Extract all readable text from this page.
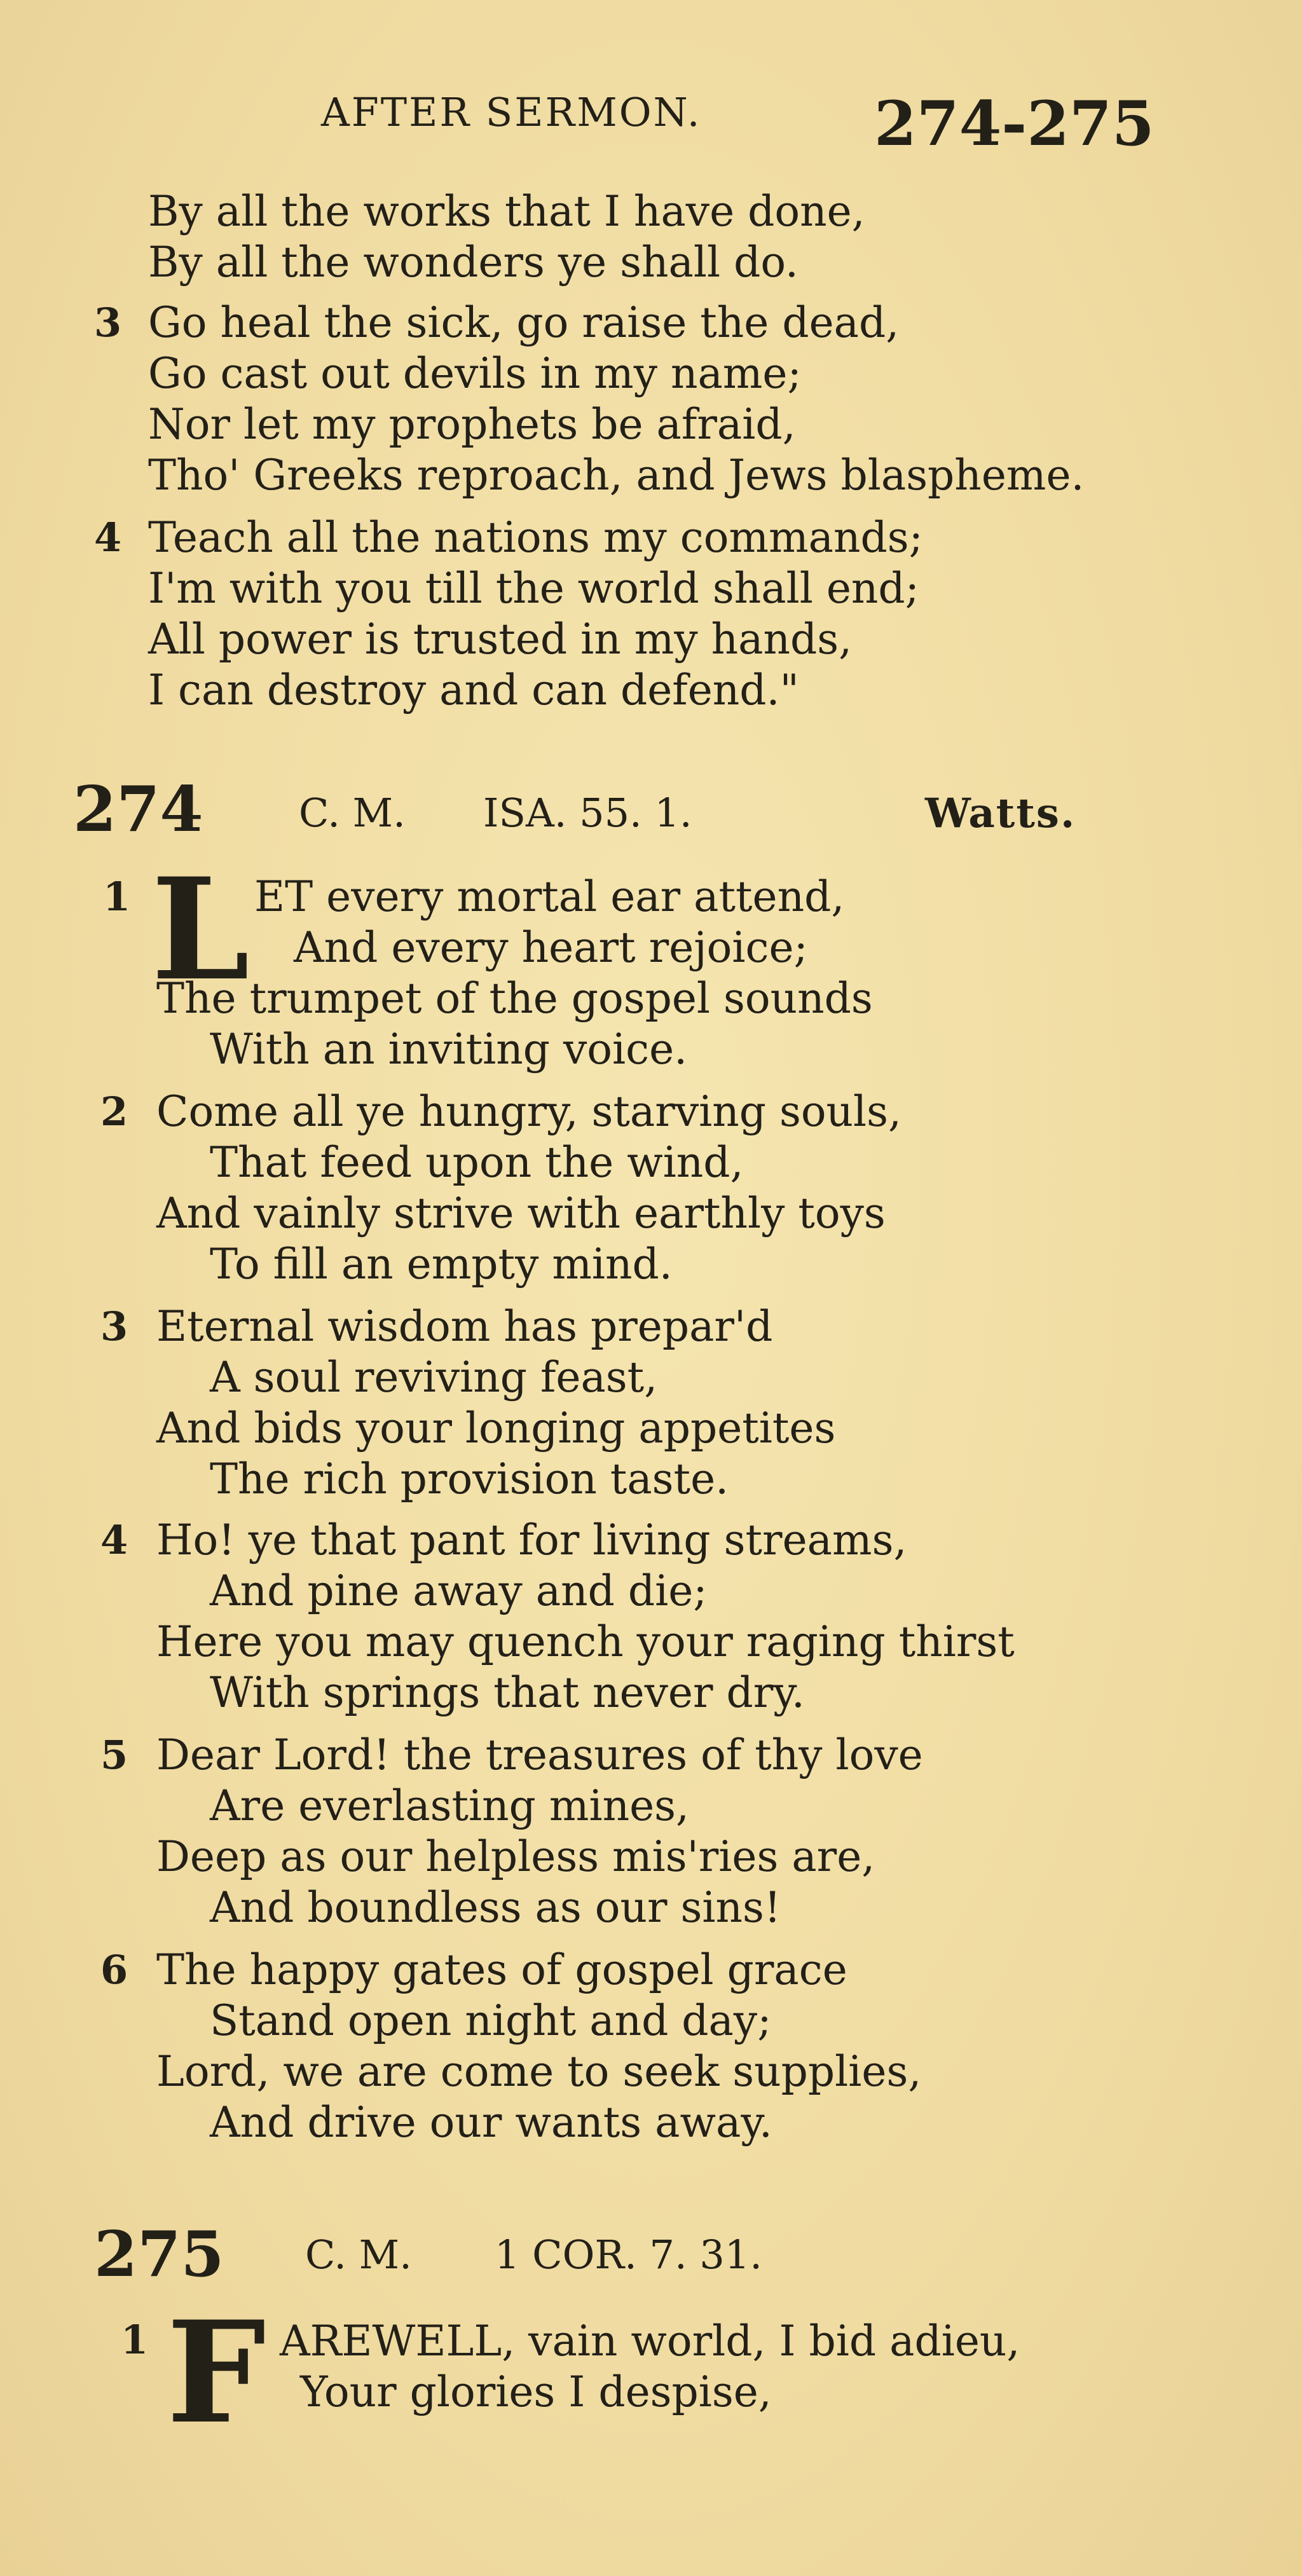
AFTER SERMON.	274-275
By all the works that I have done,
By all the wonders ye shall do.
3 Go heal the sick, go raise the dead,
Go cast out devils in my name;
Nor let my prophets be afraid,
Tho' Greeks reproach, and Jews blaspheme.
4 Teach all the nations my commands;
I'm with you till the world shall end;
All power is trusted in my hands,
I can destroy and can defend."
274 C. M. ISA. 55. 1.	Watts.
1 L ET every mortal ear attend,
And every heart rejoice;
The trumpet of the gospel sounds
With an inviting voice.
2 Come all ye hungry, starving souls,
That feed upon the wind,
And vainly strive with earthly toys
To fill an empty mind.
3 Eternal wisdom has prepar'd
A soul reviving feast,
And bids your longing appetites
The rich provision taste.
4 Ho! ye that pant for living streams,
And pine away and die;
Here you may quench your raging thirst
With springs that never dry.
5 Dear Lord! the treasures of thy love
Are everlasting mines,
Deep as our helpless mis'ries are,
And boundless as our sins!
6 The happy gates of gospel grace
Stand open night and day;
Lord, we are come to seek supplies,
And drive our wants away.
275 C. M. 1 COR. 7. 31.
1 F AREWELL, vain world, I bid adieu,
Your glories I despise,
